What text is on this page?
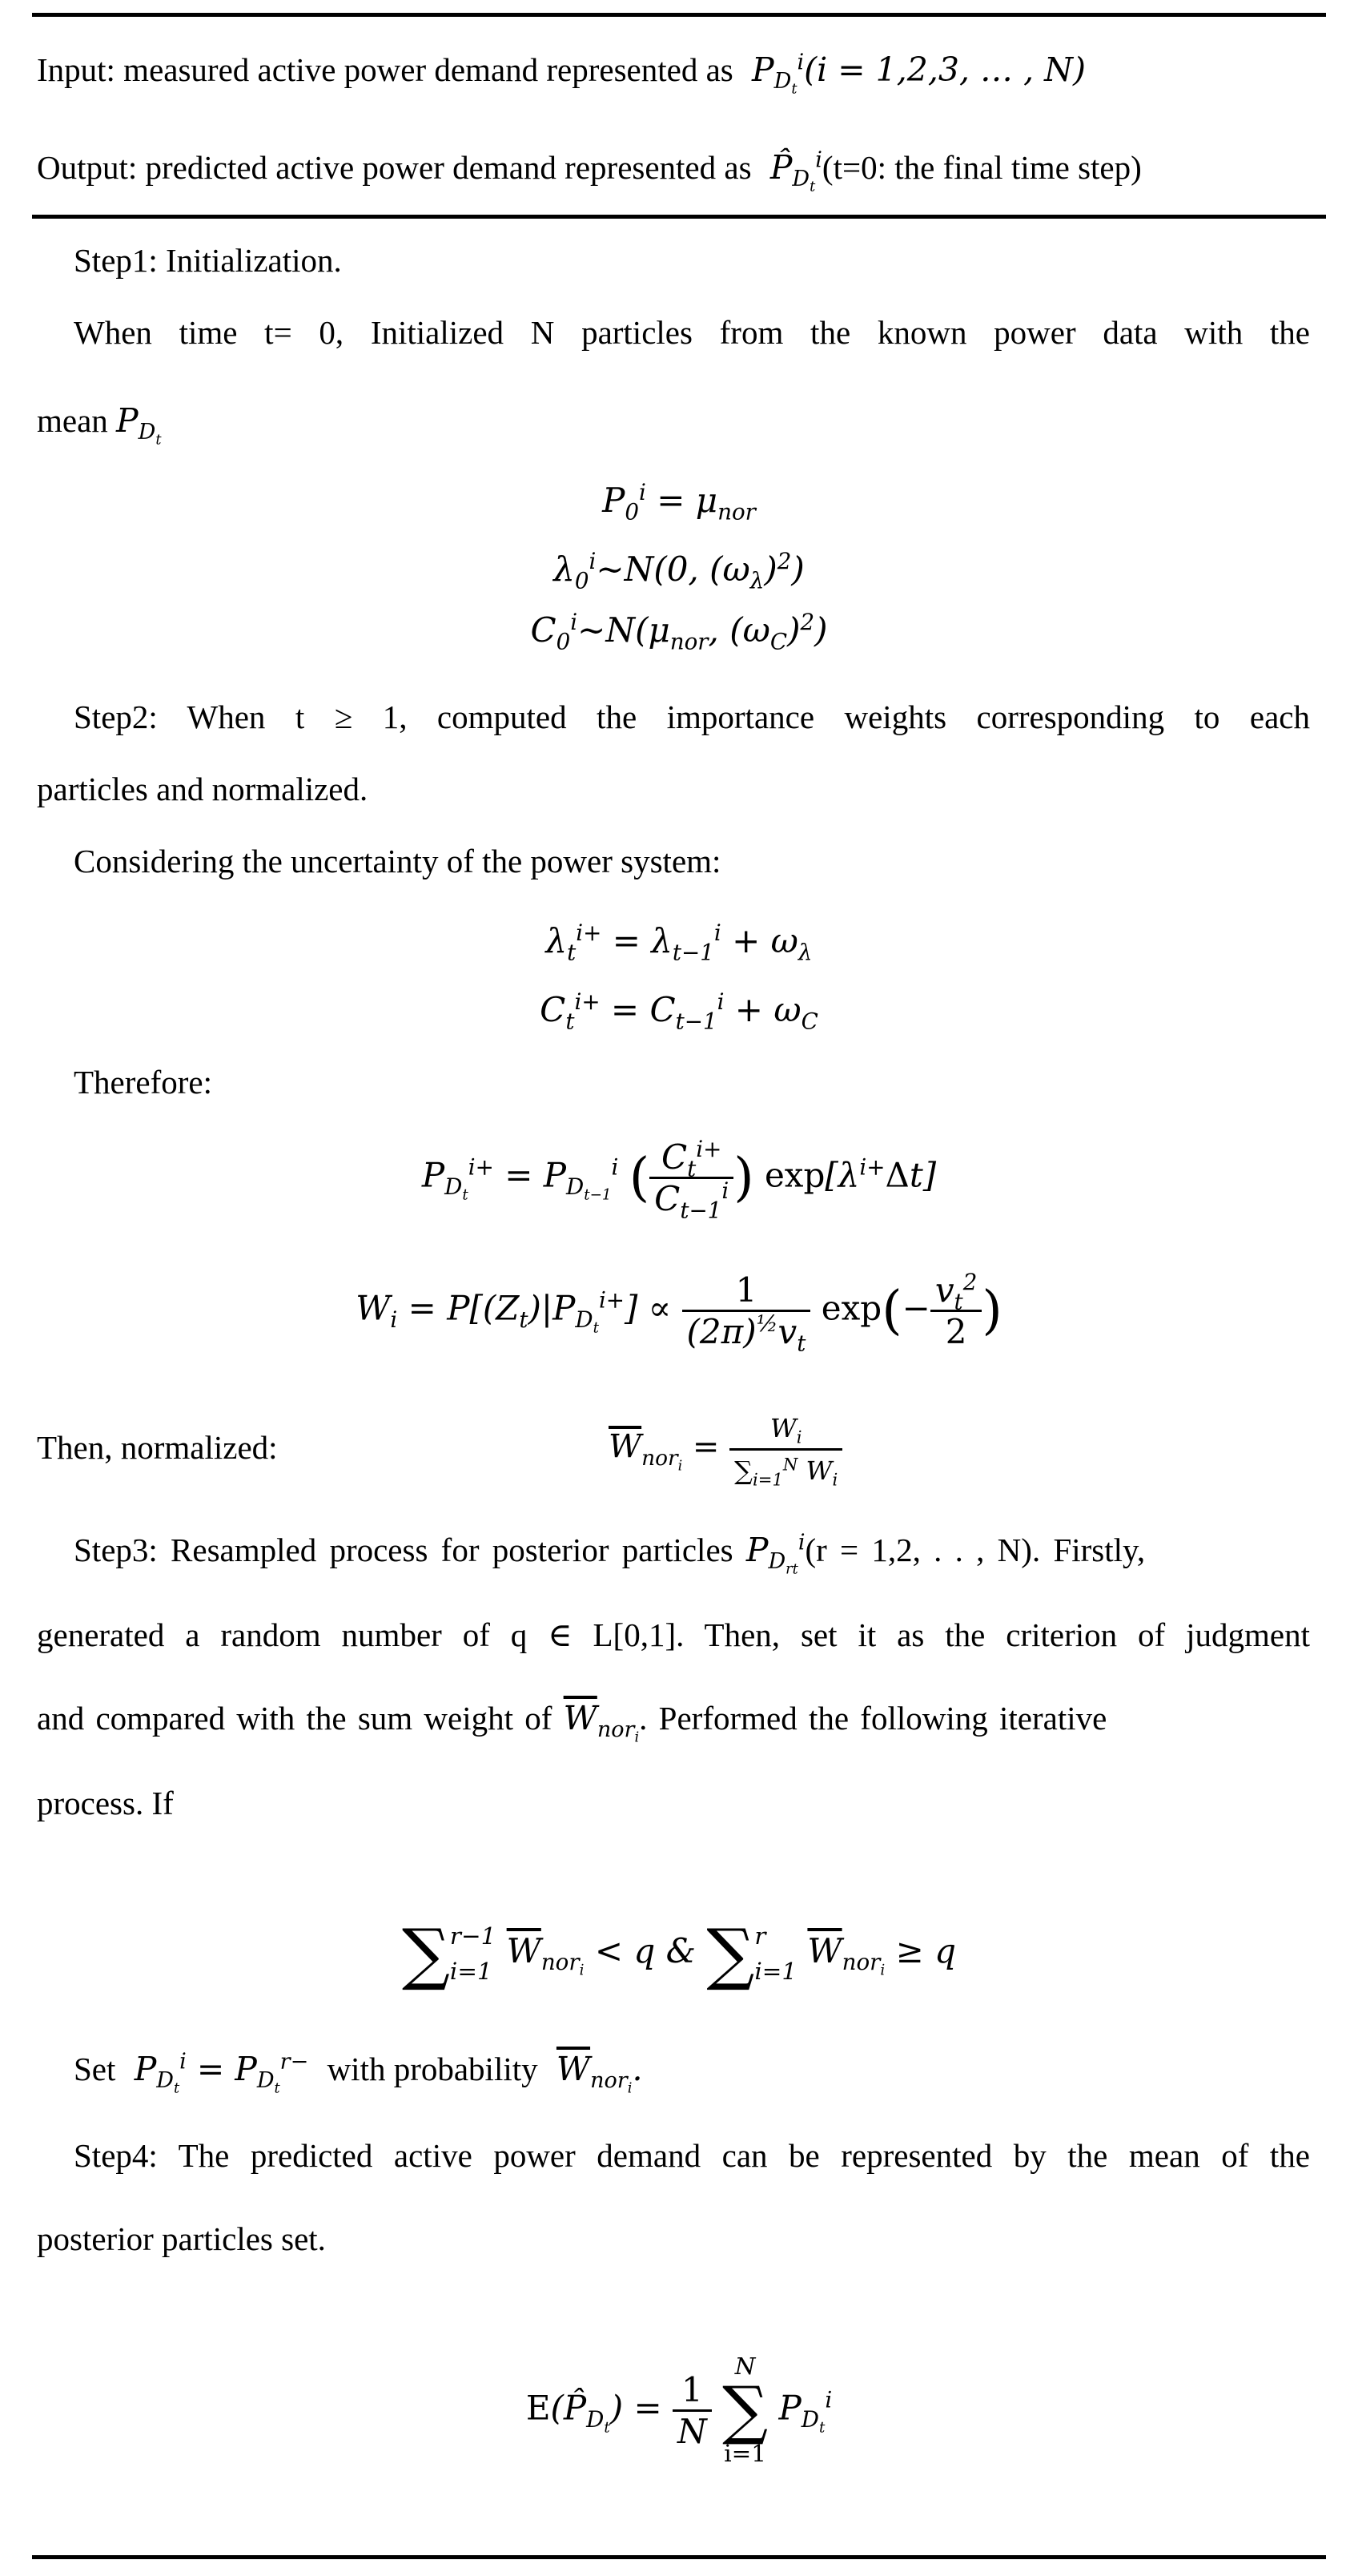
Input: measured active power demand represented as  $P_{D_t}^i(i = 1,2,3$, … , N)
Output: predicted active power demand represented as  $P̂_{D_t}^i(t=0$: the final time step)
Step1: Initialization.
When time t= 0, Initialized N particles from the known power data with the
mean $P_{D_t}$
$P_0^i = \mu_{nor}$
$\lambda_0^i\sim N(0$, $(\omega_\lambda)^2$)
$C_0^i\sim N(\mu_{nor}$, $(\omega_C)^2$)
Step2: When t ≥ 1, computed the importance weights corresponding to each
particles and normalized.
Considering the uncertainty of the power system:
$\lambda_t^{i+} = \lambda_{t-1}^i + \omega_\lambda$
$C_t^{i+} = C_{t-1}^i + \omega_C$
Therefore:
$P_{D_t}^{i+} = P_{D_{t-1}}^i$ ( $\frac{C_t^{i+}}{C_{t-1}^i}$ ) $\exp[\lambda^{i+}\Delta t]$
$W_i = P[(Z_t)|P_{D_t}^{i+}] \propto \frac{1}{(2\pi)^{\frac{1}{2}}v_t} \exp(- \frac{v_t^2}{2}$ )
Then, normalized:	$\overline{W}_{nor_i} = \frac{W_i}{\sum_{i=1}^N W_i}$
Step3: Resampled process for posterior particles $P_{D_{rt}}^i(r = 1,2$, . . , N). Firstly,
generated a random number of q ∈ L[0,1]. Then, set it as the criterion of judgment
and compared with the sum weight of $\overline{W}_{nor_i}$. Performed the following iterative
process. If
∑ r−1
i=1
$\overline{W}_{nor_i} < q$ & ∑ r
i=1
$\overline{W}_{nor_i} \ge q$
Set  $P_{D_t}^i = P_{D_t}^{r-}$ with probability $\overline{W}_{nor_i}$.
Step4: The predicted active power demand can be represented by the mean of the
posterior particles set.
$E(P̂_{D_t}) = \frac{1}{N}$

N
∑
i=1
$P_{D_t}^i$
